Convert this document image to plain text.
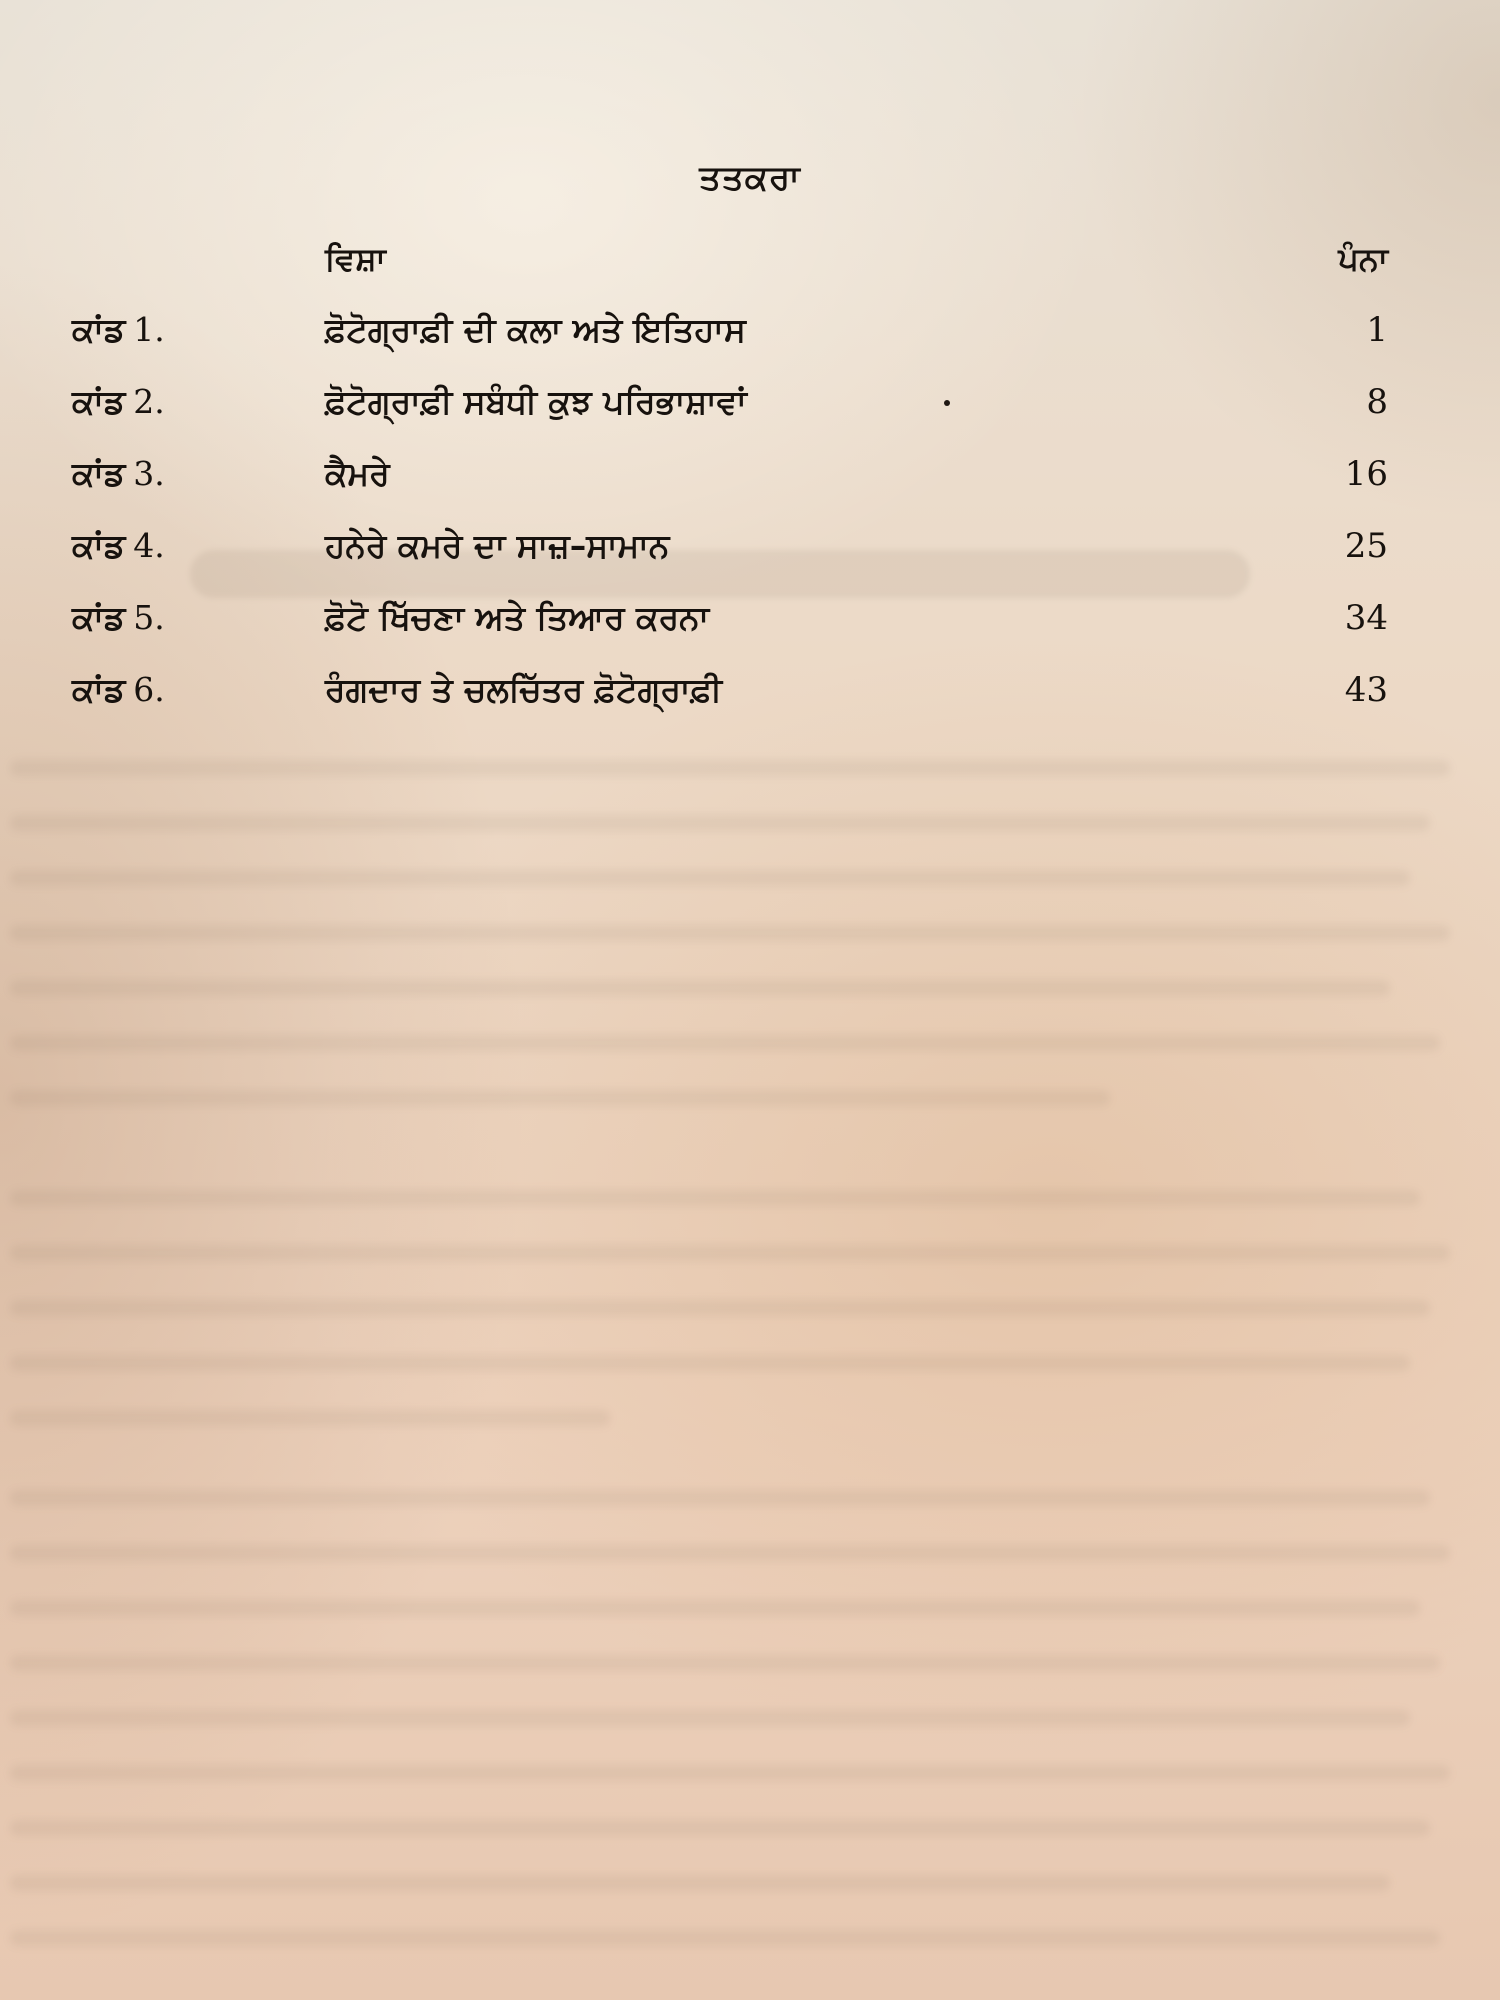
ਤਤਕਰਾ
ਵਿਸ਼ਾ	ਪੰਨਾ
ਕਾਂਡ 1.	ਫ਼ੋਟੋਗ੍ਰਾਫ਼ੀ ਦੀ ਕਲਾ ਅਤੇ ਇਤਿਹਾਸ	1
ਕਾਂਡ 2.	ਫ਼ੋਟੋਗ੍ਰਾਫ਼ੀ ਸਬੰਧੀ ਕੁਝ ਪਰਿਭਾਸ਼ਾਵਾਂ	8
ਕਾਂਡ 3.	ਕੈਮਰੇ	16
ਕਾਂਡ 4.	ਹਨੇਰੇ ਕਮਰੇ ਦਾ ਸਾਜ਼–ਸਾਮਾਨ	25
ਕਾਂਡ 5.	ਫ਼ੋਟੋ ਖਿੱਚਣਾ ਅਤੇ ਤਿਆਰ ਕਰਨਾ	34
ਕਾਂਡ 6.	ਰੰਗਦਾਰ ਤੇ ਚਲਚਿੱਤਰ ਫ਼ੋਟੋਗ੍ਰਾਫ਼ੀ	43
